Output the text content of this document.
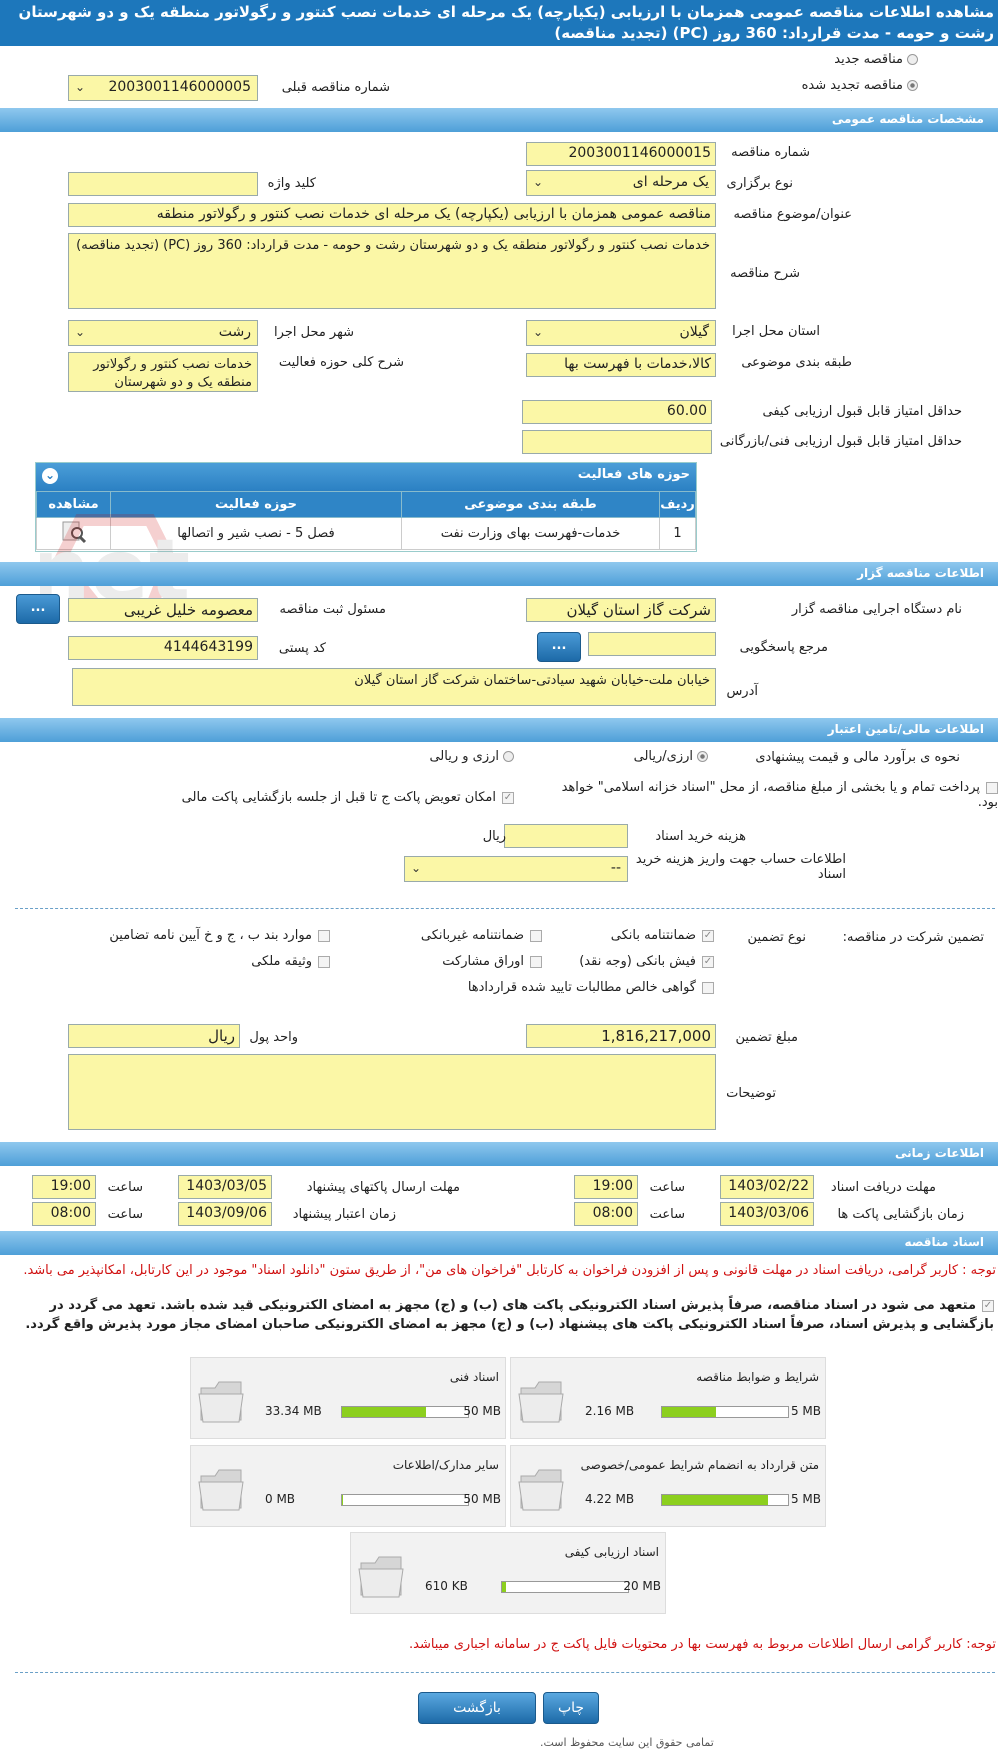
مشاهده اطلاعات مناقصه عمومی همزمان با ارزیابی (یکپارچه) یک مرحله ای خدمات نصب کنتور و رگولاتور منطقه یک و دو شهرستان رشت و حومه - مدت قرارداد: 360 روز (PC) (تجدید مناقصه)
مناقصه جدید
مناقصه تجدید شده
شماره مناقصه قبلی
⌄ 2003001146000005
مشخصات مناقصه عمومی
شماره مناقصه
2003001146000015
نوع برگزاری
⌄	یک مرحله ای
کلید واژه
عنوان/موضوع مناقصه
مناقصه عمومی همزمان با ارزیابی (یکپارچه) یک مرحله ای خدمات نصب کنتور و رگولاتور منطقه
شرح مناقصه
خدمات نصب کنتور و رگولاتور منطقه یک و دو شهرستان رشت و حومه - مدت قرارداد: 360 روز (PC) (تجدید مناقصه)
استان محل اجرا
⌄	گیلان
شهر محل اجرا
⌄	رشت
طبقه بندی موضوعی
کالا،خدمات با فهرست بها
شرح کلی حوزه فعالیت
خدمات نصب کنتور و رگولاتور منطقه یک و دو شهرستان
حداقل امتیاز قابل قبول ارزیابی کیفی
60.00
حداقل امتیاز قابل قبول ارزیابی فنی/بازرگانی
حوزه های فعالیت
⌄
ردیف	طبقه بندی موضوعی	حوزه فعالیت	مشاهده
1	خدمات-فهرست بهای وزارت نفت	فصل 5 - نصب شیر و اتصالها	
اطلاعات مناقصه گزار
نام دستگاه اجرایی مناقصه گزار
شرکت گاز استان گیلان
مسئول ثبت مناقصه
معصومه خلیل غریبی
...
مرجع پاسخگویی
...
کد پستی
4144643199
آدرس
خیابان ملت-خیابان شهید سیادتی-ساختمان شرکت گاز استان گیلان
اطلاعات مالی/تامین اعتبار
نحوه ی برآورد مالی و قیمت پیشنهادی
ارزی/ریالی
ارزی و ریالی
پرداخت تمام و یا بخشی از مبلغ مناقصه، از محل "اسناد خزانه اسلامی" خواهد بود.
✓امکان تعویض پاکت ج تا قبل از جلسه بازگشایی پاکت مالی
هزینه خرید اسناد
ریال
اطلاعات حساب جهت واریز هزینه خرید اسناد
⌄	--
تضمین شرکت در مناقصه:
نوع تضمین
✓ضمانتنامه بانکی
ضمانتنامه غیربانکی
موارد بند ب ، ج و خ آیین نامه تضامین
✓فیش بانکی (وجه نقد)
اوراق مشارکت
وثیقه ملکی
گواهی خالص مطالبات تایید شده قراردادها
مبلغ تضمین
1,816,217,000
واحد پول
ریال
توضیحات
اطلاعات زمانی
مهلت دریافت اسناد
1403/02/22
ساعت
19:00
مهلت ارسال پاکتهای پیشنهاد
1403/03/05
ساعت
19:00
زمان بازگشایی پاکت ها
1403/03/06
ساعت
08:00
زمان اعتبار پیشنهاد
1403/09/06
ساعت
08:00
اسناد مناقصه
توجه : کاربر گرامی، دریافت اسناد در مهلت قانونی و پس از افزودن فراخوان به کارتابل "فراخوان های من"، از طریق ستون "دانلود اسناد" موجود در این کارتابل، امکانپذیر می باشد.
✓متعهد می شود در اسناد مناقصه، صرفاً پذیرش اسناد الکترونیکی پاکت های (ب) و (ج) مجهز به امضای الکترونیکی قید شده باشد. تعهد می گردد در بازگشایی و پذیرش اسناد، صرفاً اسناد الکترونیکی پاکت های پیشنهاد (ب) و (ج) مجهز به امضای الکترونیکی صاحبان امضای مجاز مورد پذیرش واقع گردد.
شرایط و ضوابط مناقصه
2.16 MB	5 MB
اسناد فنی
33.34 MB	50 MB
متن قرارداد به انضمام شرایط عمومی/خصوصی
4.22 MB	5 MB
سایر مدارک/اطلاعات
0 MB	50 MB
اسناد ارزیابی کیفی
610 KB	20 MB
توجه: کاربر گرامی ارسال اطلاعات مربوط به فهرست بها در محتویات فایل پاکت ج در سامانه اجباری میباشد.
چاپ
بازگشت
تمامی حقوق این سایت محفوظ است.
